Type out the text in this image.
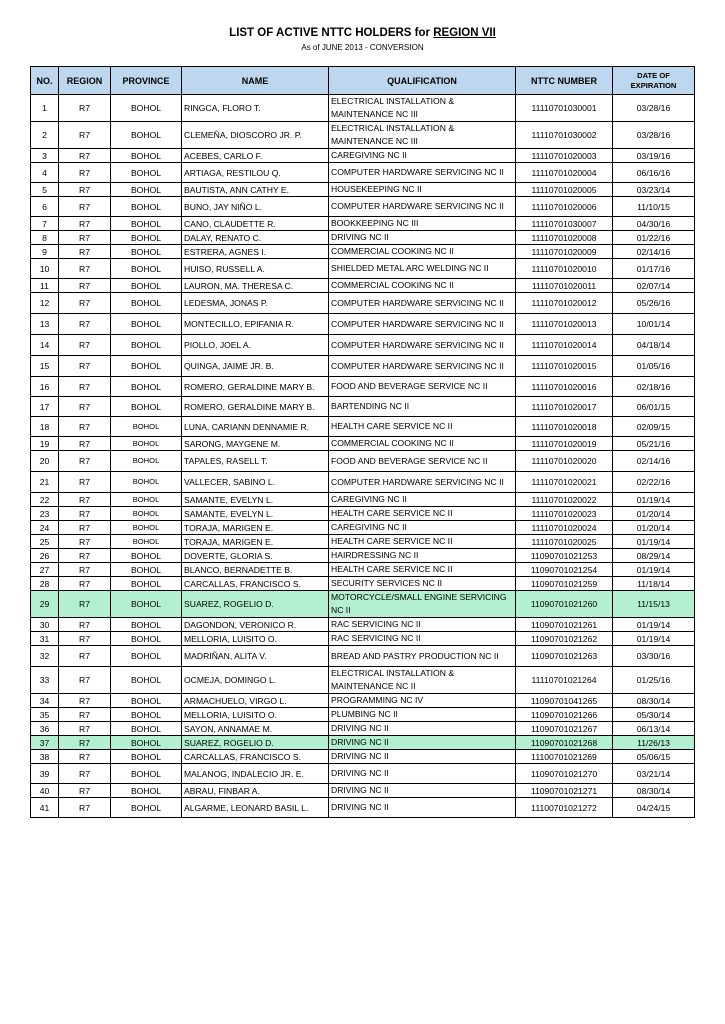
LIST OF ACTIVE NTTC HOLDERS for REGION VII
As of JUNE 2013 - CONVERSION
NO.	REGION	PROVINCE	NAME	QUALIFICATION	NTTC NUMBER	DATE OF EXPIRATION
1	R7	BOHOL	RINGCA, FLORO T.	ELECTRICAL INSTALLATION & MAINTENANCE NC III	11110701030001	03/28/16
2	R7	BOHOL	CLEMEÑA, DIOSCORO JR. P.	ELECTRICAL INSTALLATION & MAINTENANCE NC III	11110701030002	03/28/16
3	R7	BOHOL	ACEBES, CARLO F.	CAREGIVING NC II	11110701020003	03/19/16
4	R7	BOHOL	ARTIAGA, RESTILOU Q.	COMPUTER HARDWARE SERVICING NC II	11110701020004	06/16/16
5	R7	BOHOL	BAUTISTA, ANN CATHY E.	HOUSEKEEPING NC II	11110701020005	03/23/14
6	R7	BOHOL	BUNO, JAY NIÑO L.	COMPUTER HARDWARE SERVICING NC II	11110701020006	11/10/15
7	R7	BOHOL	CANO, CLAUDETTE R.	BOOKKEEPING NC III	11110701030007	04/30/16
8	R7	BOHOL	DALAY, RENATO C.	DRIVING NC II	11110701020008	01/22/16
9	R7	BOHOL	ESTRERA, AGNES I.	COMMERCIAL COOKING NC II	11110701020009	02/14/16
10	R7	BOHOL	HUISO, RUSSELL A.	SHIELDED METAL ARC WELDING NC II	11110701020010	01/17/16
11	R7	BOHOL	LAURON, MA. THERESA C.	COMMERCIAL COOKING NC II	11110701020011	02/07/14
12	R7	BOHOL	LEDESMA, JONAS P.	COMPUTER HARDWARE SERVICING NC II	11110701020012	05/26/16
13	R7	BOHOL	MONTECILLO, EPIFANIA R.	COMPUTER HARDWARE SERVICING NC II	11110701020013	10/01/14
14	R7	BOHOL	PIOLLO, JOEL A.	COMPUTER HARDWARE SERVICING NC II	11110701020014	04/18/14
15	R7	BOHOL	QUINGA, JAIME JR. B.	COMPUTER HARDWARE SERVICING NC II	11110701020015	01/05/16
16	R7	BOHOL	ROMERO, GERALDINE MARY B.	FOOD AND BEVERAGE SERVICE NC II	11110701020016	02/18/16
17	R7	BOHOL	ROMERO, GERALDINE MARY B.	BARTENDING NC II	11110701020017	06/01/15
18	R7	BOHOL	LUNA, CARIANN DENNAMIE R.	HEALTH CARE SERVICE NC II	11110701020018	02/09/15
19	R7	BOHOL	SARONG, MAYGENE M.	COMMERCIAL COOKING NC II	11110701020019	05/21/16
20	R7	BOHOL	TAPALES, RASELL T.	FOOD AND BEVERAGE SERVICE NC II	11110701020020	02/14/16
21	R7	BOHOL	VALLECER, SABINO L.	COMPUTER HARDWARE SERVICING NC II	11110701020021	02/22/16
22	R7	BOHOL	SAMANTE, EVELYN L.	CAREGIVING NC II	11110701020022	01/19/14
23	R7	BOHOL	SAMANTE, EVELYN L.	HEALTH CARE SERVICE NC II	11110701020023	01/20/14
24	R7	BOHOL	TORAJA, MARIGEN E.	CAREGIVING NC II	11110701020024	01/20/14
25	R7	BOHOL	TORAJA, MARIGEN E.	HEALTH CARE SERVICE NC II	11110701020025	01/19/14
26	R7	BOHOL	DOVERTE, GLORIA S.	HAIRDRESSING NC II	11090701021253	08/29/14
27	R7	BOHOL	BLANCO, BERNADETTE B.	HEALTH CARE SERVICE NC II	11090701021254	01/19/14
28	R7	BOHOL	CARCALLAS, FRANCISCO S.	SECURITY SERVICES NC II	11090701021259	11/18/14
29	R7	BOHOL	SUAREZ, ROGELIO D.	MOTORCYCLE/SMALL ENGINE SERVICING NC II	11090701021260	11/15/13
30	R7	BOHOL	DAGONDON, VERONICO R.	RAC SERVICING NC II	11090701021261	01/19/14
31	R7	BOHOL	MELLORIA, LUISITO O.	RAC SERVICING NC II	11090701021262	01/19/14
32	R7	BOHOL	MADRIÑAN, ALITA V.	BREAD AND PASTRY PRODUCTION NC II	11090701021263	03/30/16
33	R7	BOHOL	OCMEJA, DOMINGO L.	ELECTRICAL INSTALLATION & MAINTENANCE NC II	11110701021264	01/25/16
34	R7	BOHOL	ARMACHUELO, VIRGO L.	PROGRAMMING NC IV	11090701041265	08/30/14
35	R7	BOHOL	MELLORIA, LUISITO O.	PLUMBING NC II	11090701021266	05/30/14
36	R7	BOHOL	SAYON, ANNAMAE M.	DRIVING NC II	11090701021267	06/13/14
37	R7	BOHOL	SUAREZ, ROGELIO D.	DRIVING NC II	11090701021268	11/26/13
38	R7	BOHOL	CARCALLAS, FRANCISCO S.	DRIVING NC II	11100701021269	05/06/15
39	R7	BOHOL	MALANOG, INDALECIO JR. E.	DRIVING NC II	11090701021270	03/21/14
40	R7	BOHOL	ABRAU, FINBAR A.	DRIVING NC II	11090701021271	08/30/14
41	R7	BOHOL	ALGARME, LEONARD BASIL L.	DRIVING NC II	11100701021272	04/24/15
